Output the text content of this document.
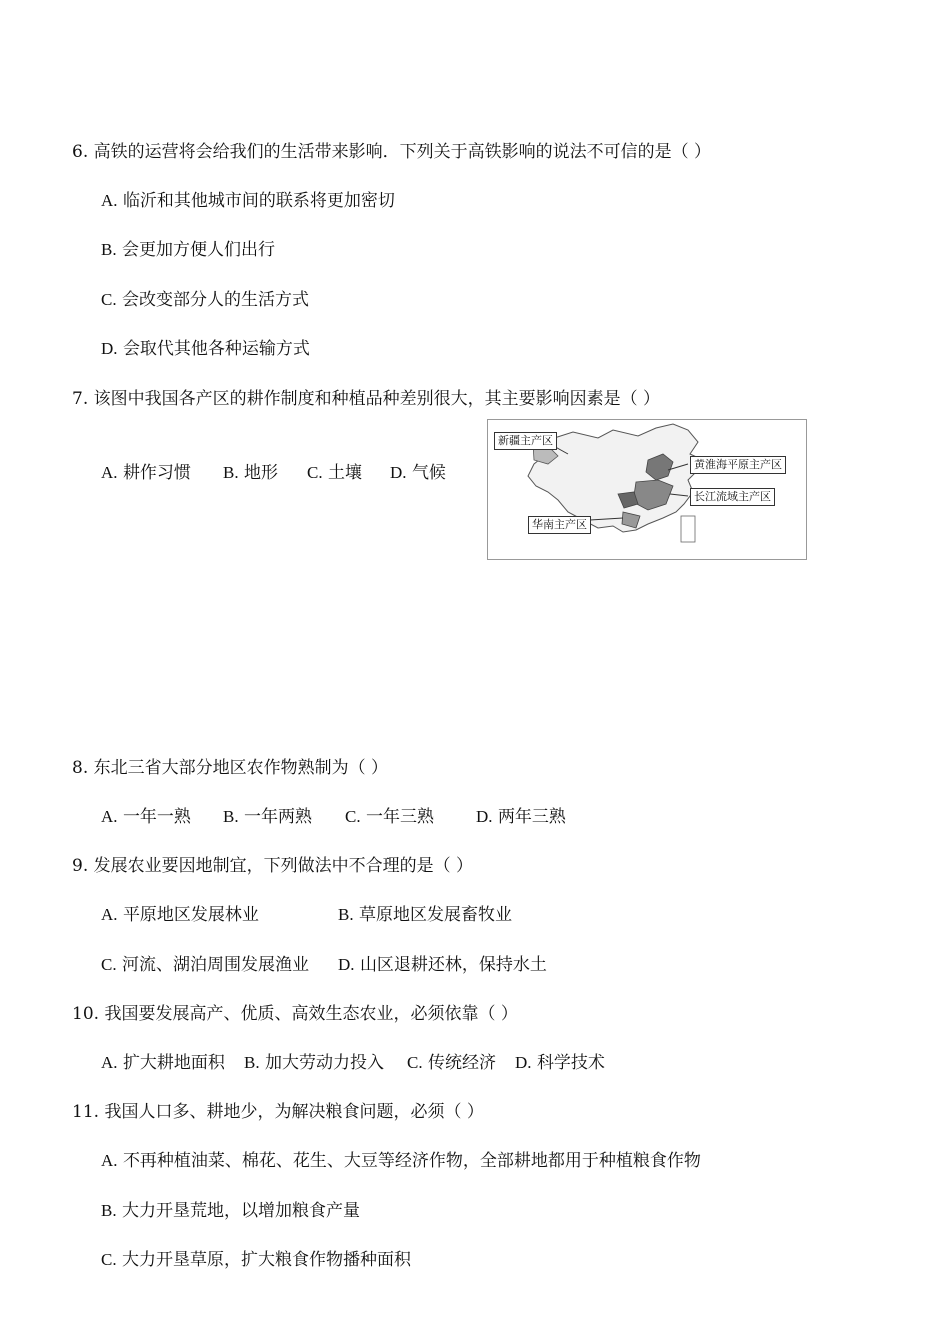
6. 高铁的运营将会给我们的生活带来影响．下列关于高铁影响的说法不可信的是（ ）
A. 临沂和其他城市间的联系将更加密切
B. 会更加方便人们出行
C. 会改变部分人的生活方式
D. 会取代其他各种运输方式
7. 该图中我国各产区的耕作制度和种植品种差别很大，其主要影响因素是（ ）
A. 耕作习惯 B. 地形 C. 土壤 D. 气候
新疆主产区
黄淮海平原主产区
长江流域主产区
华南主产区
8. 东北三省大部分地区农作物熟制为（ ）
A. 一年一熟 B. 一年两熟 C. 一年三熟 D. 两年三熟
9. 发展农业要因地制宜，下列做法中不合理的是（ ）
A. 平原地区发展林业	B. 草原地区发展畜牧业
C. 河流、湖泊周围发展渔业 D. 山区退耕还林，保持水土
10. 我国要发展高产、优质、高效生态农业，必须依靠（ ）
A. 扩大耕地面积 B. 加大劳动力投入 C. 传统经济 D. 科学技术
11. 我国人口多、耕地少，为解决粮食问题，必须（ ）
A. 不再种植油菜、棉花、花生、大豆等经济作物，全部耕地都用于种植粮食作物
B. 大力开垦荒地，以增加粮食产量
C. 大力开垦草原，扩大粮食作物播种面积
